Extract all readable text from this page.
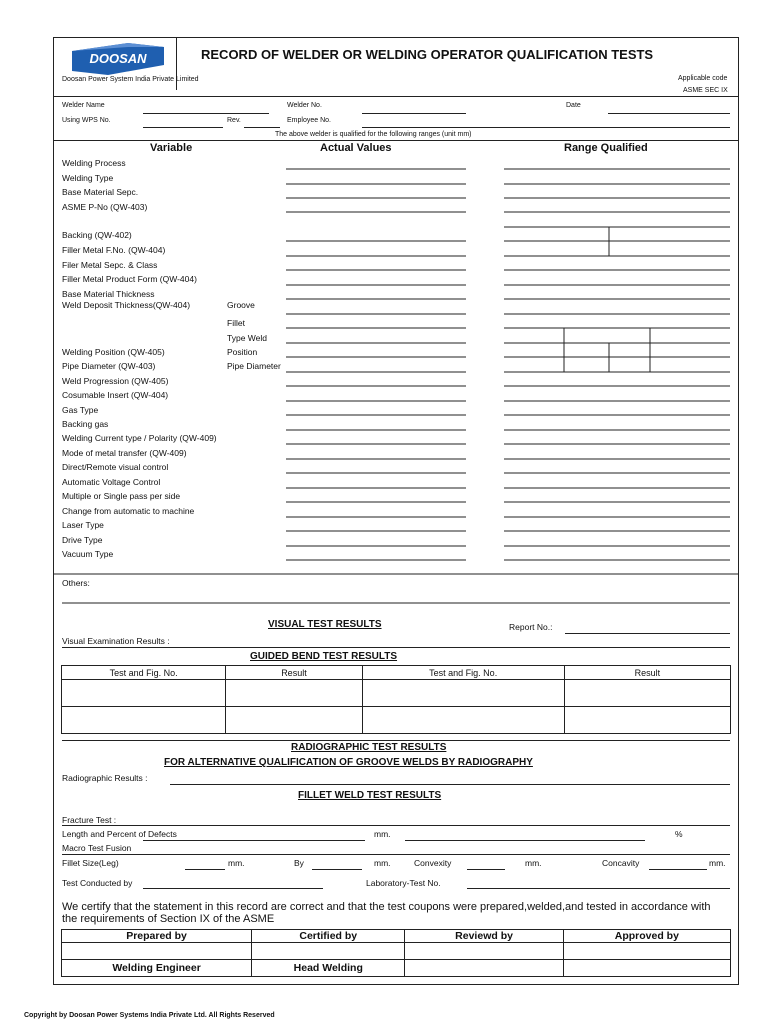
DOOSAN	RECORD OF WELDER OR WELDING OPERATOR QUALIFICATION TESTS
Doosan Power System India Private Limited	Applicable code
ASME SEC IX
Welder Name	Welder No.	Date
Using WPS No.	Rev.	Employee No.
The above welder is qualified for the following ranges (unit mm)
Variable	Actual Values	Range Qualified
Welding Process
Welding Type
Base Material Sepc.
ASME P-No (QW-403)
Backing (QW-402)
Filler Metal F.No. (QW-404)
Filer Metal Sepc. & Class
Filler Metal Product Form (QW-404)
Base Material Thickness
Weld Deposit Thickness(QW-404)	Groove
Fillet
Type Weld
Welding Position (QW-405)	Position
Pipe Diameter (QW-403)	Pipe Diameter
Weld Progression (QW-405)
Cosumable Insert (QW-404)
Gas Type
Backing gas
Welding Current type / Polarity (QW-409)
Mode of metal transfer (QW-409)
Direct/Remote visual control
Automatic Voltage Control
Multiple or Single pass per side
Change from automatic to machine
Laser Type
Drive Type
Vacuum Type
Others:
VISUAL TEST RESULTS	Report No.:
Visual Examination Results :
GUIDED BEND TEST RESULTS
Test and Fig. No.	Result	Test and Fig. No.	Result

RADIOGRAPHIC TEST RESULTS
FOR ALTERNATIVE QUALIFICATION OF GROOVE WELDS BY RADIOGRAPHY
Radiographic Results :
FILLET WELD TEST RESULTS
Fracture Test :
Length and Percent of Defects	mm.	%
Macro Test Fusion
Fillet Size(Leg)	mm.	By	mm.	Convexity	mm.	Concavity	mm.
Test Conducted by	Laboratory-Test No.
We certify that the statement in this record are correct and that the test coupons were prepared,welded,and tested in accordance with the requirements of Section IX of the ASME
Prepared by	Certified by	Reviewd by	Approved by

Welding Engineer	Head Welding		
Copyright by Doosan Power Systems India Private Ltd. All Rights Reserved
